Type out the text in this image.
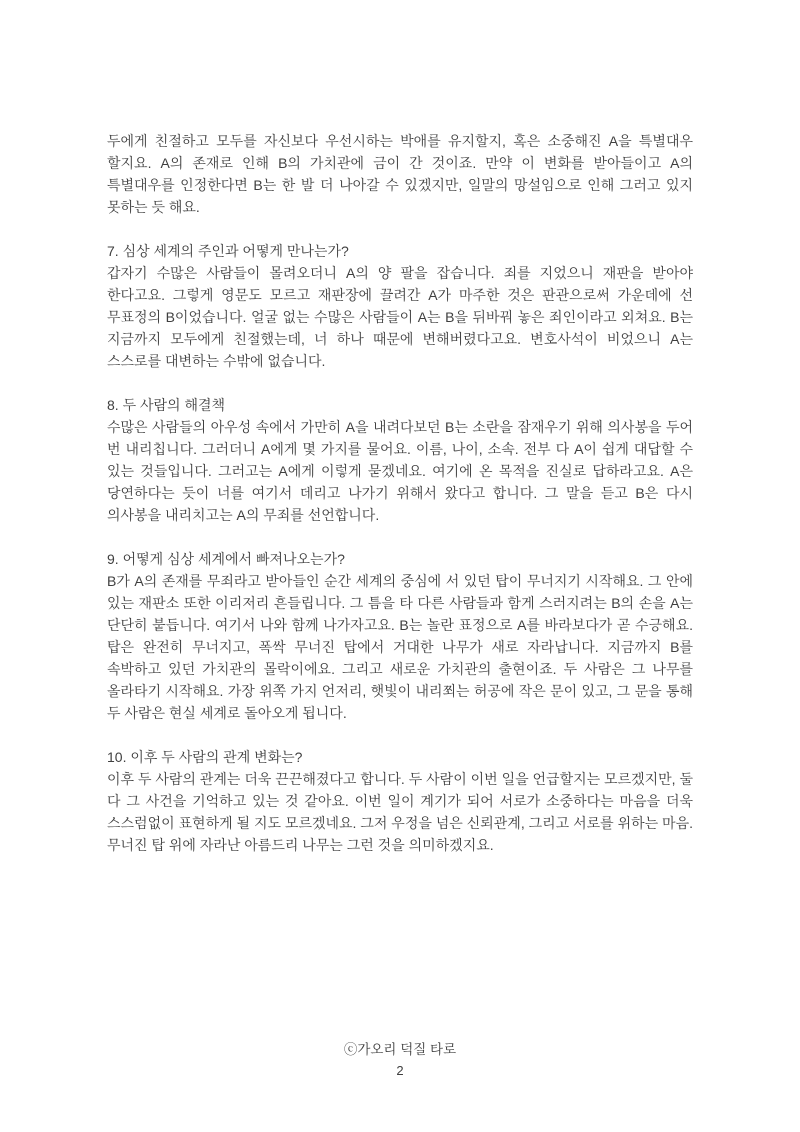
두에게 친절하고 모두를 자신보다 우선시하는 박애를 유지할지, 혹은 소중해진 A을 특별대우 할지요. A의 존재로 인해 B의 가치관에 금이 간 것이죠. 만약 이 변화를 받아들이고 A의 특별대우를 인정한다면 B는 한 발 더 나아갈 수 있겠지만, 일말의 망설임으로 인해 그러고 있지 못하는 듯 해요.

7. 심상 세계의 주인과 어떻게 만나는가?

갑자기 수많은 사람들이 몰려오더니 A의 양 팔을 잡습니다. 죄를 지었으니 재판을 받아야 한다고요. 그렇게 영문도 모르고 재판장에 끌려간 A가 마주한 것은 판관으로써 가운데에 선 무표정의 B이었습니다. 얼굴 없는 수많은 사람들이 A는 B을 뒤바꿔 놓은 죄인이라고 외쳐요. B는 지금까지 모두에게 친절했는데, 너 하나 때문에 변해버렸다고요. 변호사석이 비었으니 A는 스스로를 대변하는 수밖에 없습니다.

8. 두 사람의 해결책

수많은 사람들의 아우성 속에서 가만히 A을 내려다보던 B는 소란을 잠재우기 위해 의사봉을 두어 번 내리칩니다. 그러더니 A에게 몇 가지를 물어요. 이름, 나이, 소속. 전부 다 A이 쉽게 대답할 수 있는 것들입니다. 그러고는 A에게 이렇게 묻겠네요. 여기에 온 목적을 진실로 답하라고요. A은 당연하다는 듯이 너를 여기서 데리고 나가기 위해서 왔다고 합니다. 그 말을 듣고 B은 다시 의사봉을 내리치고는 A의 무죄를 선언합니다.

9. 어떻게 심상 세계에서 빠져나오는가?

B가 A의 존재를 무죄라고 받아들인 순간 세계의 중심에 서 있던 탑이 무너지기 시작해요. 그 안에 있는 재판소 또한 이리저리 흔들립니다. 그 틈을 타 다른 사람들과 함게 스러지려는 B의 손을 A는 단단히 붙듭니다. 여기서 나와 함께 나가자고요. B는 놀란 표정으로 A를 바라보다가 곧 수긍해요. 탑은 완전히 무너지고, 폭싹 무너진 탑에서 거대한 나무가 새로 자라납니다. 지금까지 B를 속박하고 있던 가치관의 몰락이에요. 그리고 새로운 가치관의 출현이죠. 두 사람은 그 나무를 올라타기 시작해요. 가장 위쪽 가지 언저리, 햇빛이 내리쬐는 허공에 작은 문이 있고, 그 문을 통해 두 사람은 현실 세계로 돌아오게 됩니다.

10. 이후 두 사람의 관계 변화는?

이후 두 사람의 관계는 더욱 끈끈해졌다고 합니다. 두 사람이 이번 일을 언급할지는 모르겠지만, 둘 다 그 사건을 기억하고 있는 것 같아요. 이번 일이 계기가 되어 서로가 소중하다는 마음을 더욱 스스럼없이 표현하게 될 지도 모르겠네요. 그저 우정을 넘은 신뢰관계, 그리고 서로를 위하는 마음. 무너진 탑 위에 자라난 아름드리 나무는 그런 것을 의미하겠지요.

ⓒ가오리 덕질 타로
2
